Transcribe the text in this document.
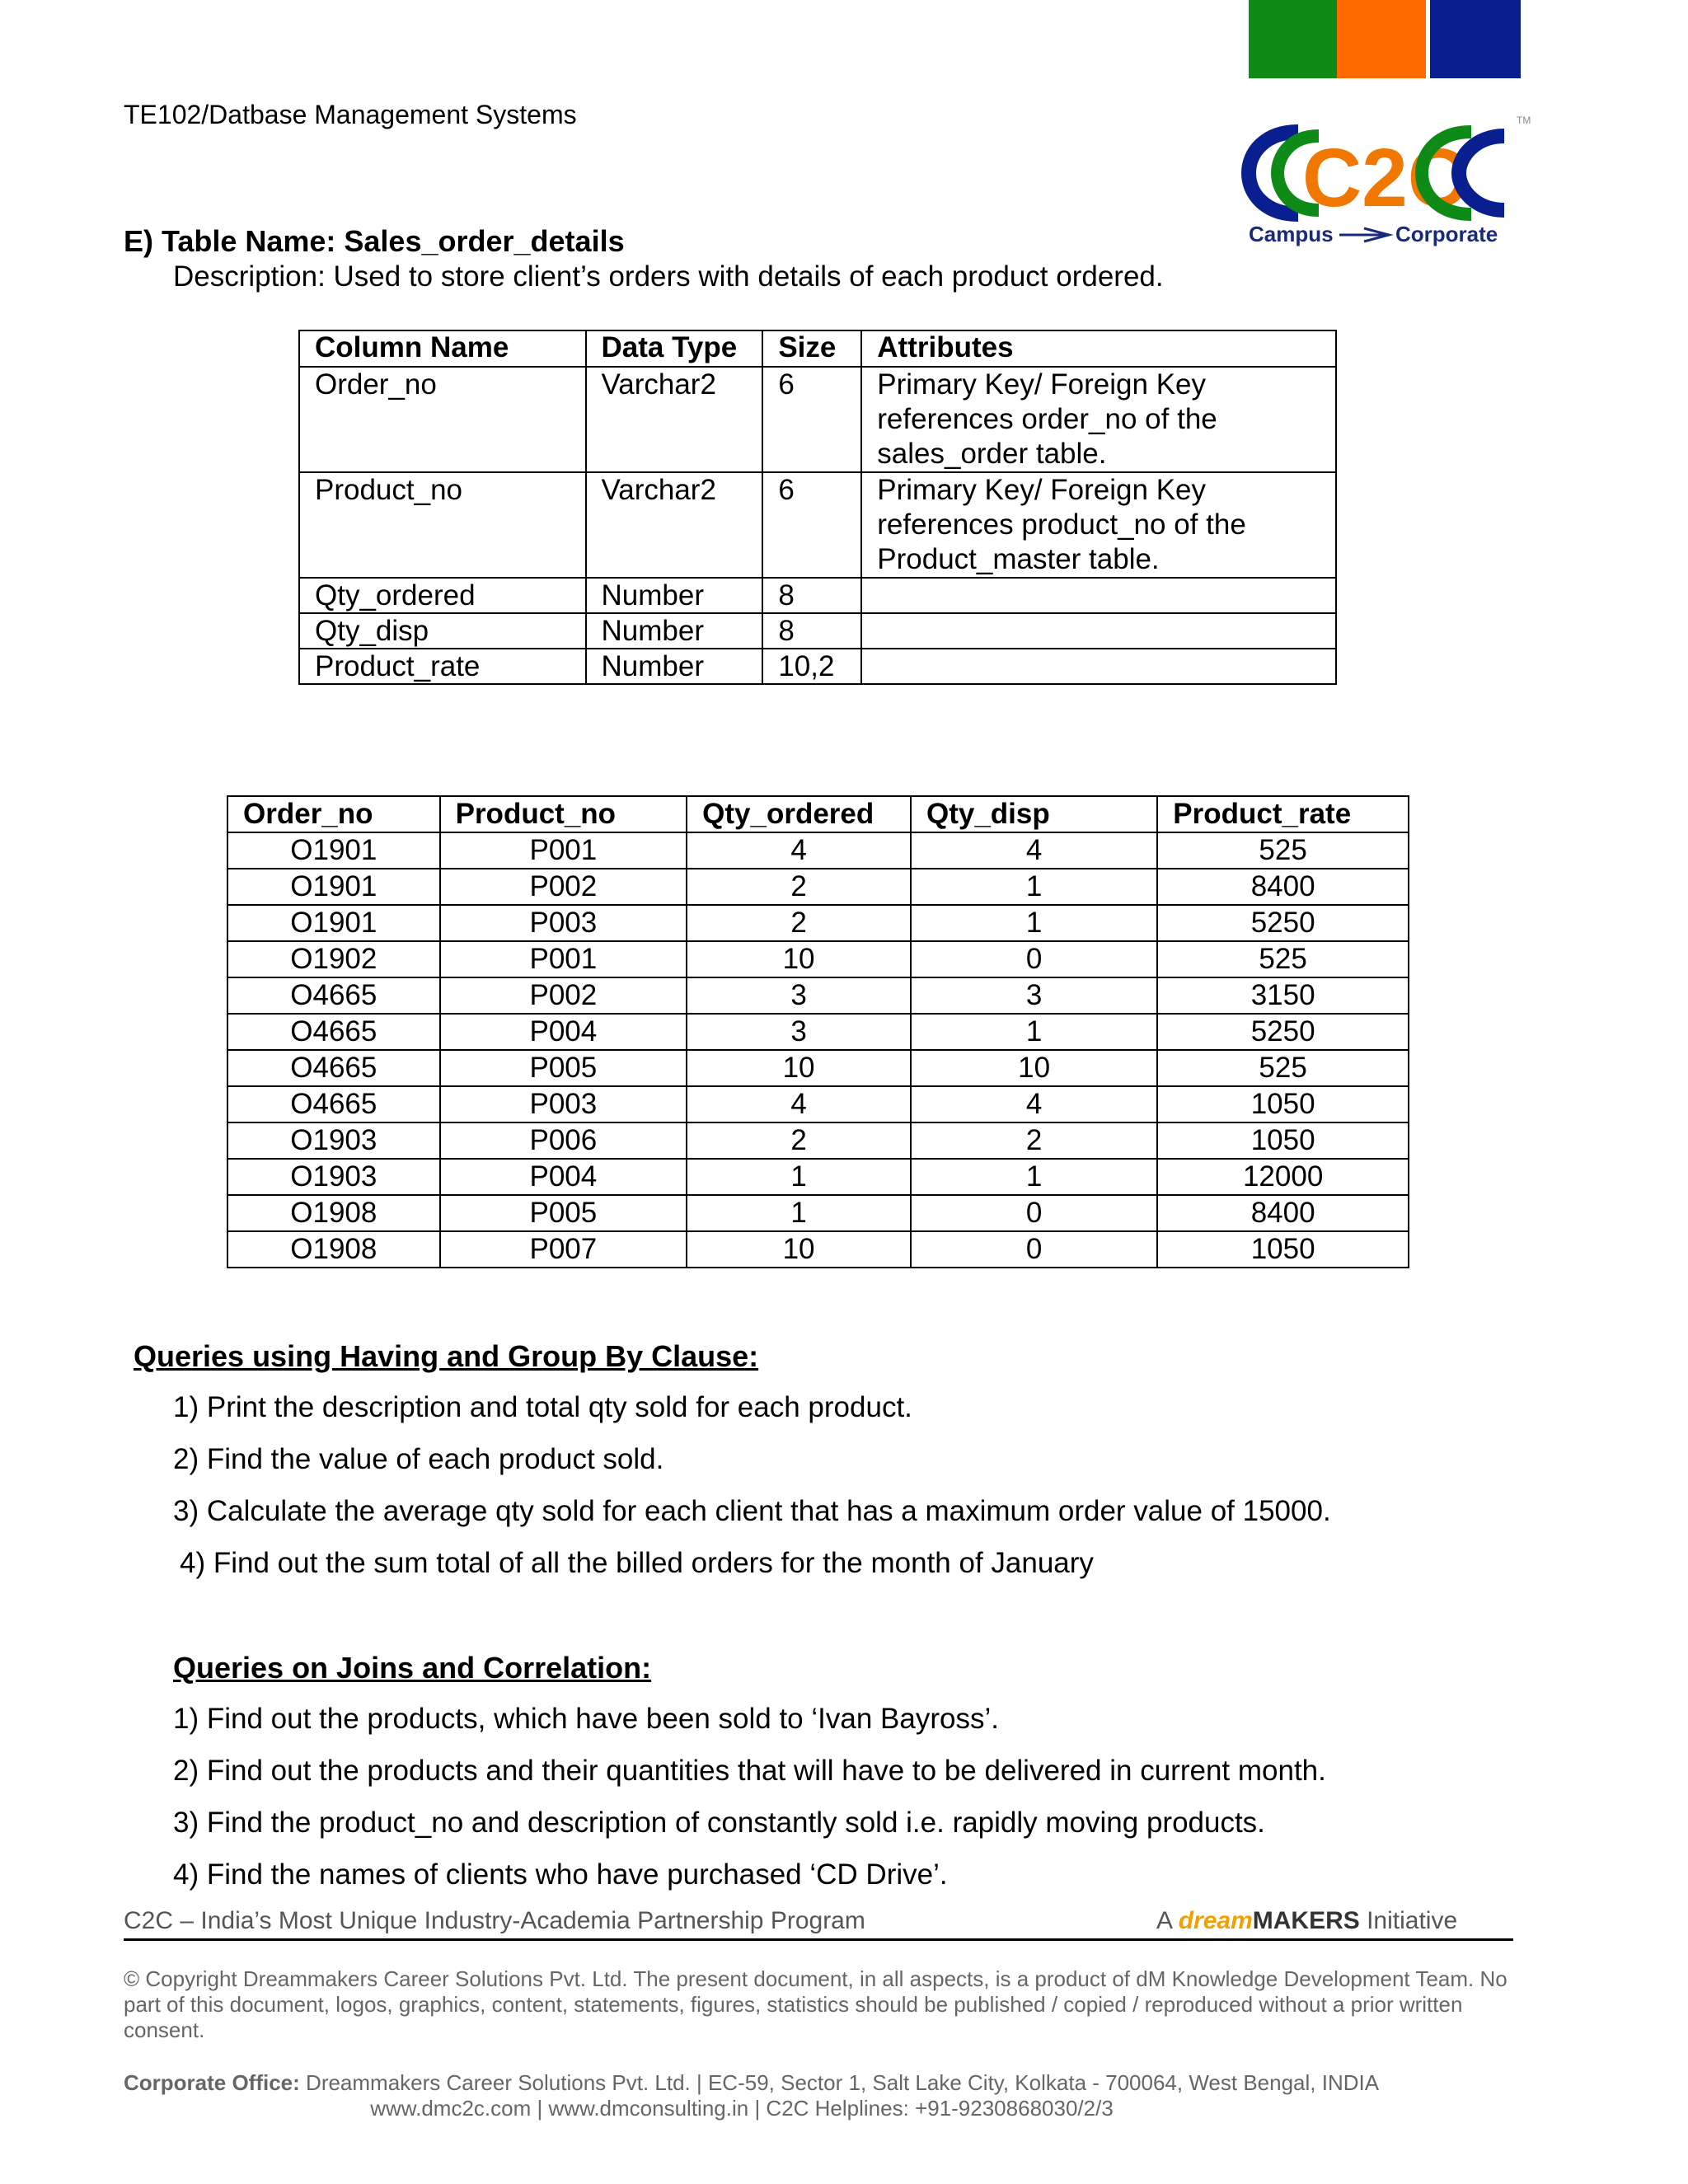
TE102/Datbase Management Systems
C2C
TM
Campus	Corporate
E) Table Name: Sales_order_details
Description: Used to store client’s orders with details of each product ordered.
Column Name	Data Type	Size	Attributes
Order_no	Varchar2	6	Primary Key/ Foreign Key
references order_no of the
sales_order table.

Product_no	Varchar2	6	Primary Key/ Foreign Key
references product_no of the
Product_master table.

Qty_ordered	Number	8	
Qty_disp	Number	8	
Product_rate	Number	10,2	
Order_no	Product_no	Qty_ordered	Qty_disp	Product_rate
O1901	P001	4	4	525
O1901	P002	2	1	8400
O1901	P003	2	1	5250
O1902	P001	10	0	525
O4665	P002	3	3	3150
O4665	P004	3	1	5250
O4665	P005	10	10	525
O4665	P003	4	4	1050
O1903	P006	2	2	1050
O1903	P004	1	1	12000
O1908	P005	1	0	8400
O1908	P007	10	0	1050
Queries using Having and Group By Clause:
1) Print the description and total qty sold for each product.
2) Find the value of each product sold.
3) Calculate the average qty sold for each client that has a maximum order value of 15000.
4) Find out the sum total of all the billed orders for the month of January
Queries on Joins and Correlation:
1) Find out the products, which have been sold to ‘Ivan Bayross’.
2) Find out the products and their quantities that will have to be delivered in current month.
3) Find the product_no and description of constantly sold i.e. rapidly moving products.
4) Find the names of clients who have purchased ‘CD Drive’.
C2C – India’s Most Unique Industry-Academia Partnership Program	A dreamMAKERS Initiative
© Copyright Dreammakers Career Solutions Pvt. Ltd. The present document, in all aspects, is a product of dM Knowledge Development Team. No part of this document, logos, graphics, content, statements, figures, statistics should be published / copied / reproduced without a prior written consent.
Corporate Office: Dreammakers Career Solutions Pvt. Ltd. | EC-59, Sector 1, Salt Lake City, Kolkata - 700064, West Bengal, INDIA
www.dmc2c.com | www.dmconsulting.in | C2C Helplines: +91-9230868030/2/3
